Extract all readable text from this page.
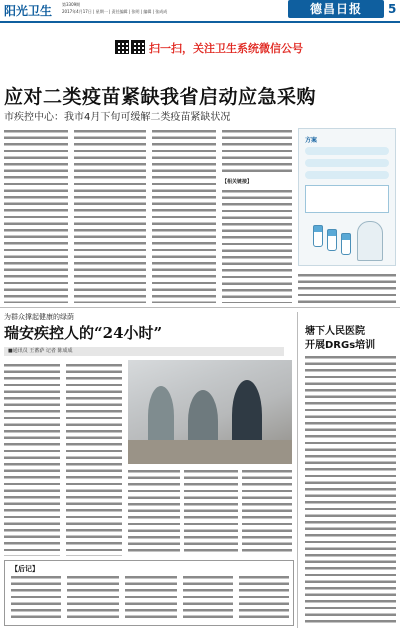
阳光卫生 第3309期
2017年4月17日 | 星期一 | 责任编辑 | 张明 | 编辑 | 张成成	德昌日报	5
扫一扫，关注卫生系统微信公号
应对二类疫苗紧缺我省启动应急采购
市疾控中心：我市4月下旬可缓解二类疫苗紧缺状况
【相关链接】
方案
为群众撑起健康的绿荫
瑞安疾控人的“24小时”
■通讯员 王蓄萨 记者 陈成成
【后记】
塘下人民医院
开展DRGs培训
